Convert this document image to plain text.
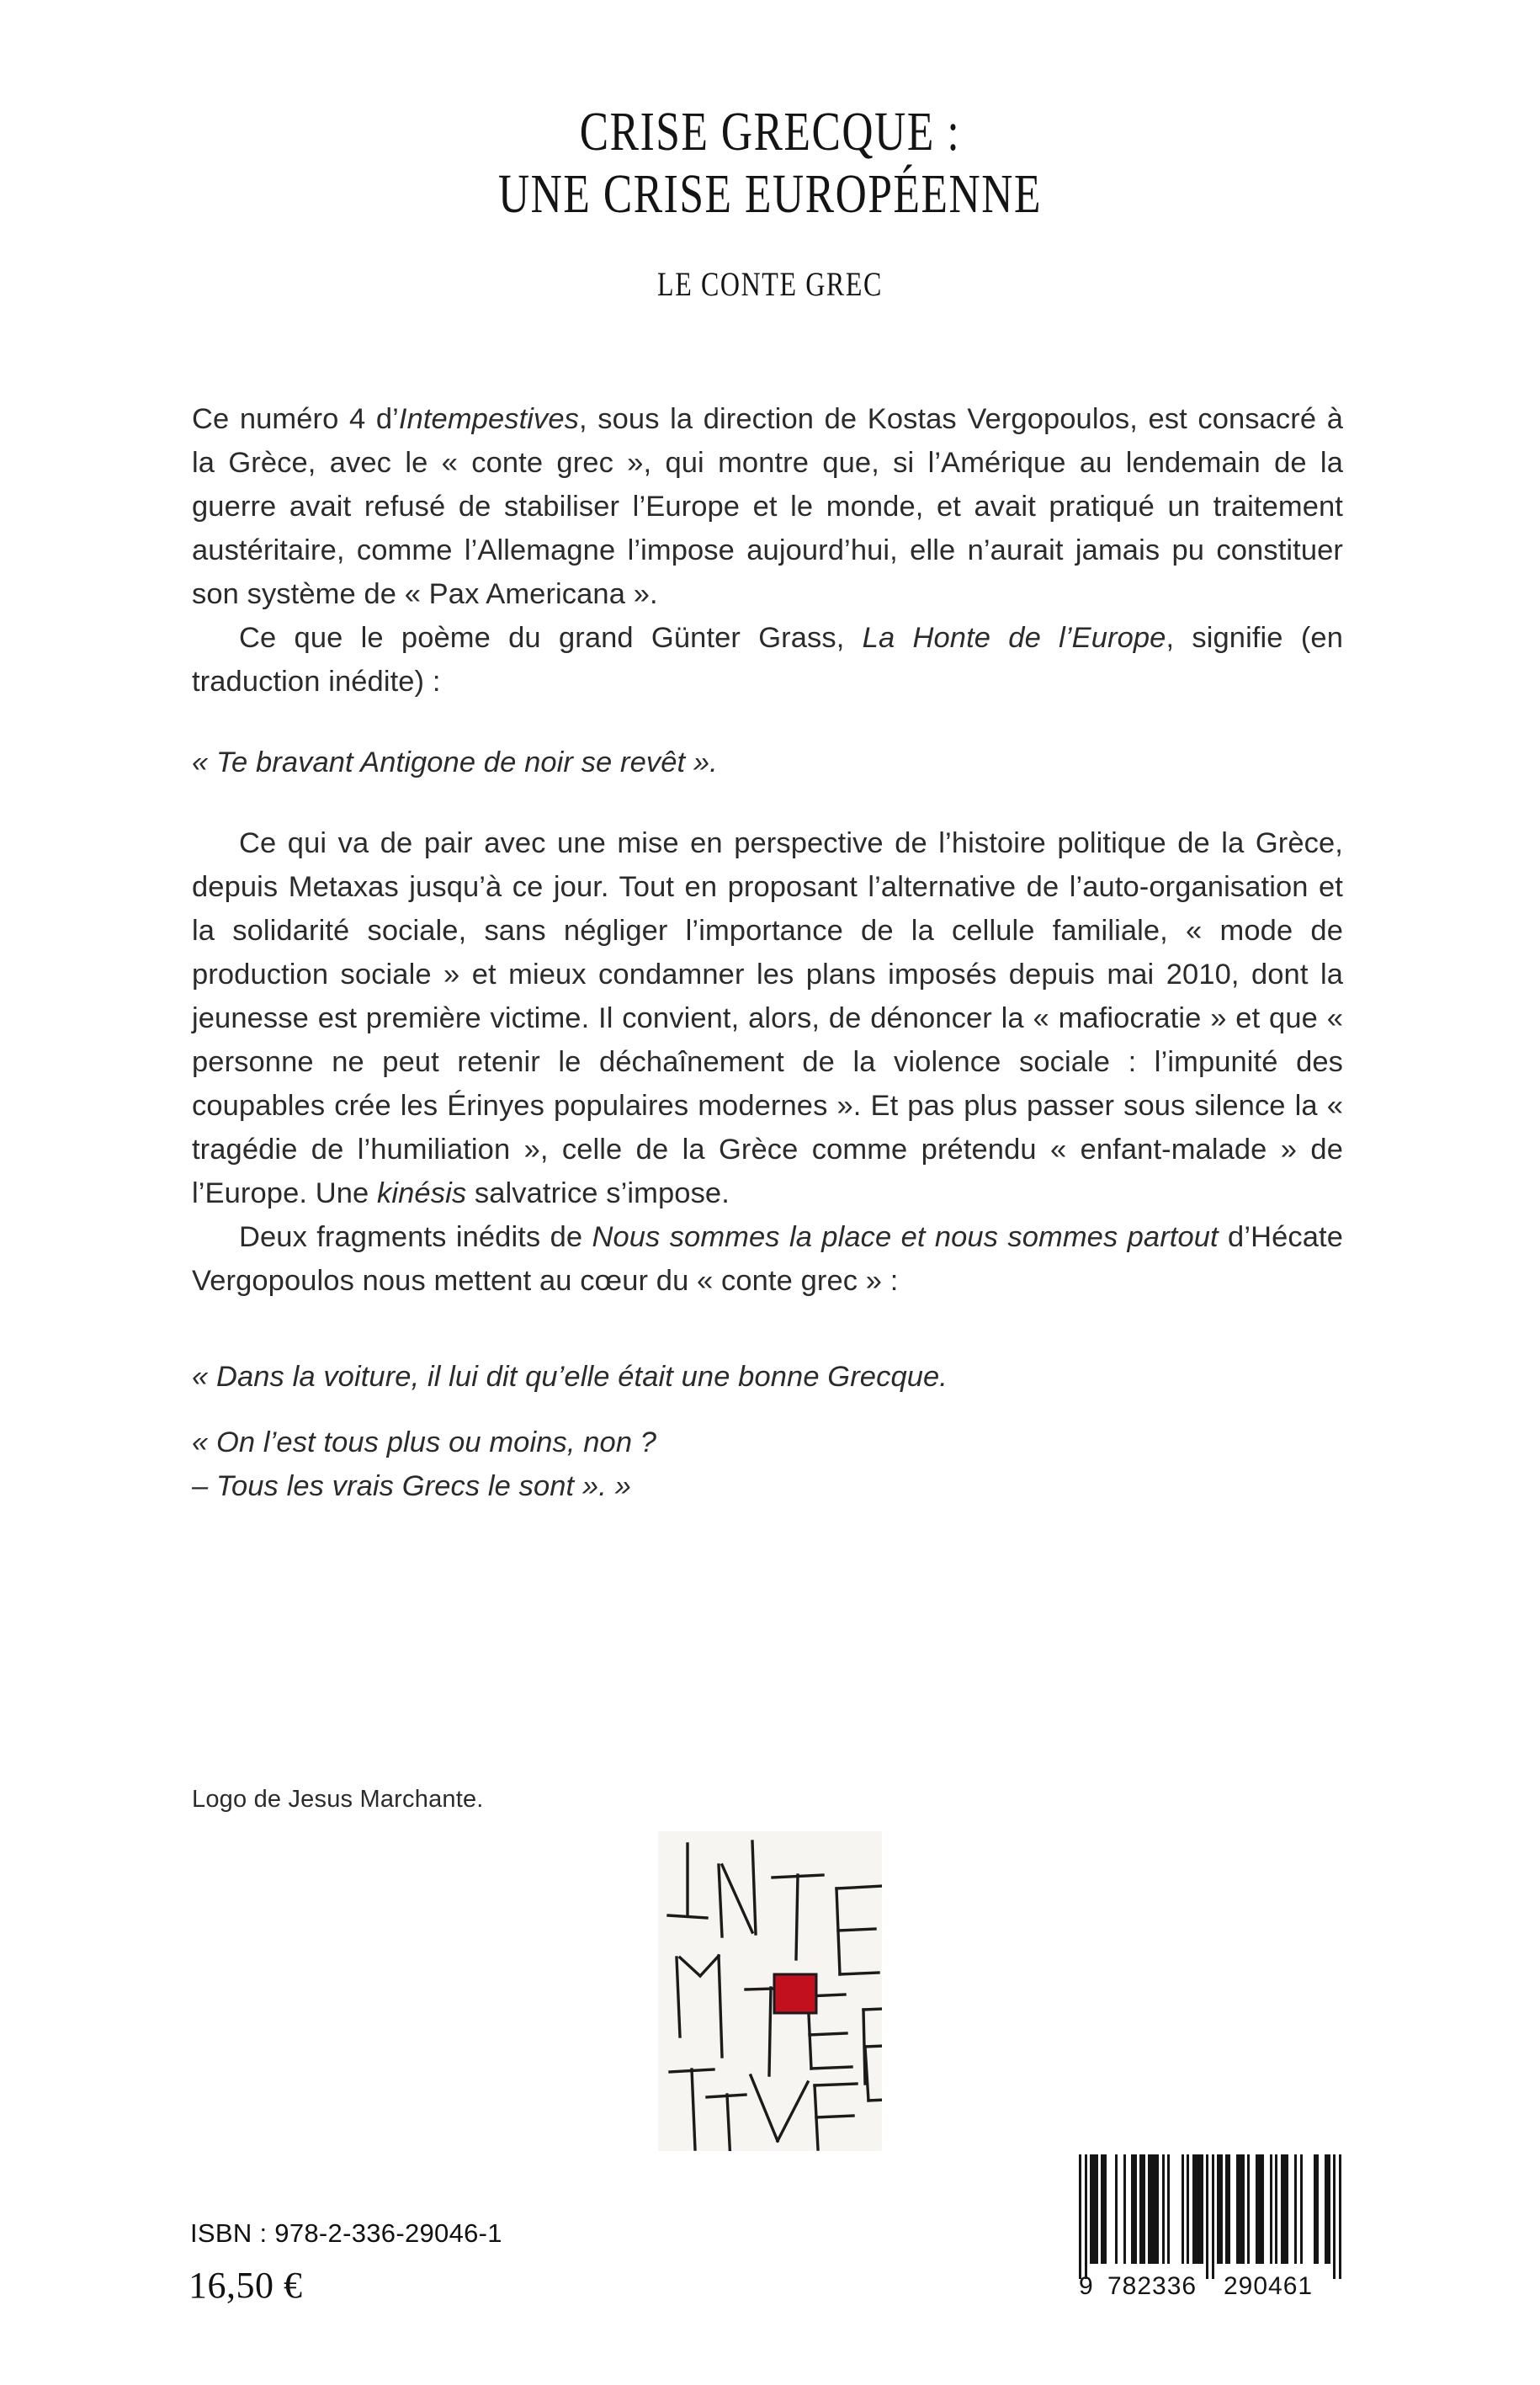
CRISE GRECQUE :
UNE CRISE EUROPÉENNE
LE CONTE GREC

Ce numéro 4 d’Intempestives, sous la direction de Kostas Vergopoulos, est consacré à la Grèce, avec le « conte grec », qui montre que, si l’Amérique au lendemain de la guerre avait refusé de stabiliser l’Europe et le monde, et avait pratiqué un traitement austéritaire, comme l’Allemagne l’impose aujourd’hui, elle n’aurait jamais pu constituer son système de « Pax Americana ».

Ce que le poème du grand Günter Grass, La Honte de l’Europe, signifie (en traduction inédite) :

« Te bravant Antigone de noir se revêt ».

Ce qui va de pair avec une mise en perspective de l’histoire politique de la Grèce, depuis Metaxas jusqu’à ce jour. Tout en proposant l’alternative de l’auto-organisation et la solidarité sociale, sans négliger l’importance de la cellule familiale, « mode de production sociale » et mieux condamner les plans imposés depuis mai 2010, dont la jeunesse est première victime. Il convient, alors, de dénoncer la « mafiocratie » et que « personne ne peut retenir le déchaînement de la violence sociale : l’impunité des coupables crée les Érinyes populaires modernes ». Et pas plus passer sous silence la « tragédie de l’humiliation », celle de la Grèce comme prétendu « enfant-malade » de l’Europe. Une kinésis salvatrice s’impose.

Deux fragments inédits de Nous sommes la place et nous sommes partout d’Hécate Vergopoulos nous mettent au cœur du « conte grec » :

« Dans la voiture, il lui dit qu’elle était une bonne Grecque.

« On l’est tous plus ou moins, non ?

– Tous les vrais Grecs le sont ». »

Logo de Jesus Marchante.
ISBN : 978-2-336-29046-1
16,50 €	9 782336 290461
